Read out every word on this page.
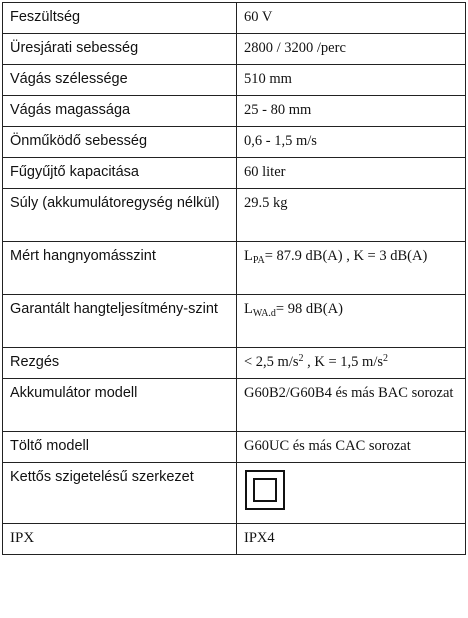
Feszültség	60 V
Üresjárati sebesség	2800 / 3200 /perc
Vágás szélessége	510 mm
Vágás magassága	25 - 80 mm
Önműködő sebesség	0,6 - 1,5 m/s
Fűgyűjtő kapacitása	60 liter
Súly (akkumulátoregység nélkül)	29.5 kg
Mért hangnyomásszint	$L_{PA}= 87.9$ dB(A) , K = 3 dB(A)
Garantált hangteljesítmény-szint	$L_{WA.d}= 98$ dB(A)
Rezgés	< 2,5 $m/s^2$ , K = 1,5 $m/s^2$
Akkumulátor modell	G60B2/G60B4 és más BAC sorozat
Töltő modell	G60UC és más CAC sorozat
Kettős szigetelésű szerkezet	

IPX	IPX4
